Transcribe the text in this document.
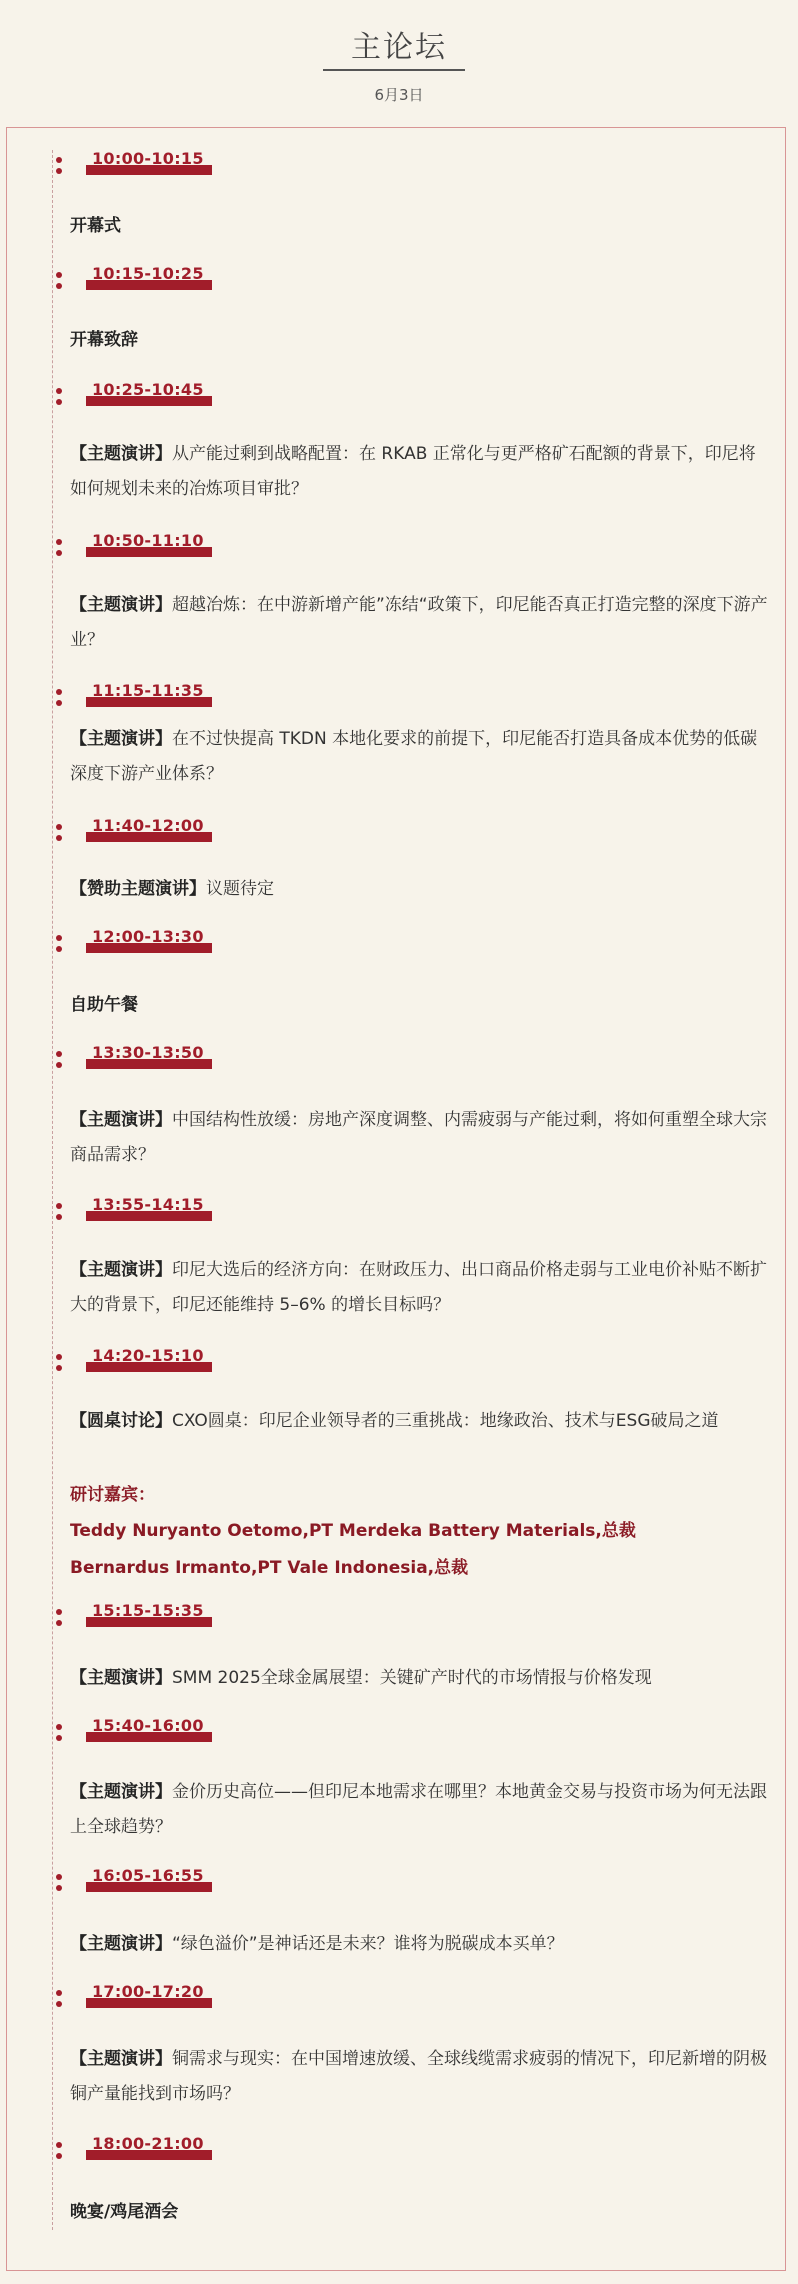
主论坛
6月3日
10:00-10:15
开幕式
10:15-10:25
开幕致辞
10:25-10:45
【主题演讲】从产能过剩到战略配置：在 RKAB 正常化与更严格矿石配额的背景下，印尼将如何规划未来的冶炼项目审批？
10:50-11:10
【主题演讲】超越冶炼：在中游新增产能”冻结“政策下，印尼能否真正打造完整的深度下游产业？
11:15-11:35
【主题演讲】在不过快提高 TKDN 本地化要求的前提下，印尼能否打造具备成本优势的低碳深度下游产业体系？
11:40-12:00
【赞助主题演讲】议题待定
12:00-13:30
自助午餐
13:30-13:50
【主题演讲】中国结构性放缓：房地产深度调整、内需疲弱与产能过剩，将如何重塑全球大宗商品需求？
13:55-14:15
【主题演讲】印尼大选后的经济方向：在财政压力、出口商品价格走弱与工业电价补贴不断扩大的背景下，印尼还能维持 5–6% 的增长目标吗？
14:20-15:10
【圆桌讨论】CXO圆桌：印尼企业领导者的三重挑战：地缘政治、技术与ESG破局之道
研讨嘉宾：
Teddy Nuryanto Oetomo,PT Merdeka Battery Materials,总裁
Bernardus Irmanto,PT Vale Indonesia,总裁
15:15-15:35
【主题演讲】SMM 2025全球金属展望：关键矿产时代的市场情报与价格发现
15:40-16:00
【主题演讲】金价历史高位——但印尼本地需求在哪里？本地黄金交易与投资市场为何无法跟上全球趋势？
16:05-16:55
【主题演讲】“绿色溢价”是神话还是未来？谁将为脱碳成本买单？
17:00-17:20
【主题演讲】铜需求与现实：在中国增速放缓、全球线缆需求疲弱的情况下，印尼新增的阴极铜产量能找到市场吗？
18:00-21:00
晚宴/鸡尾酒会
